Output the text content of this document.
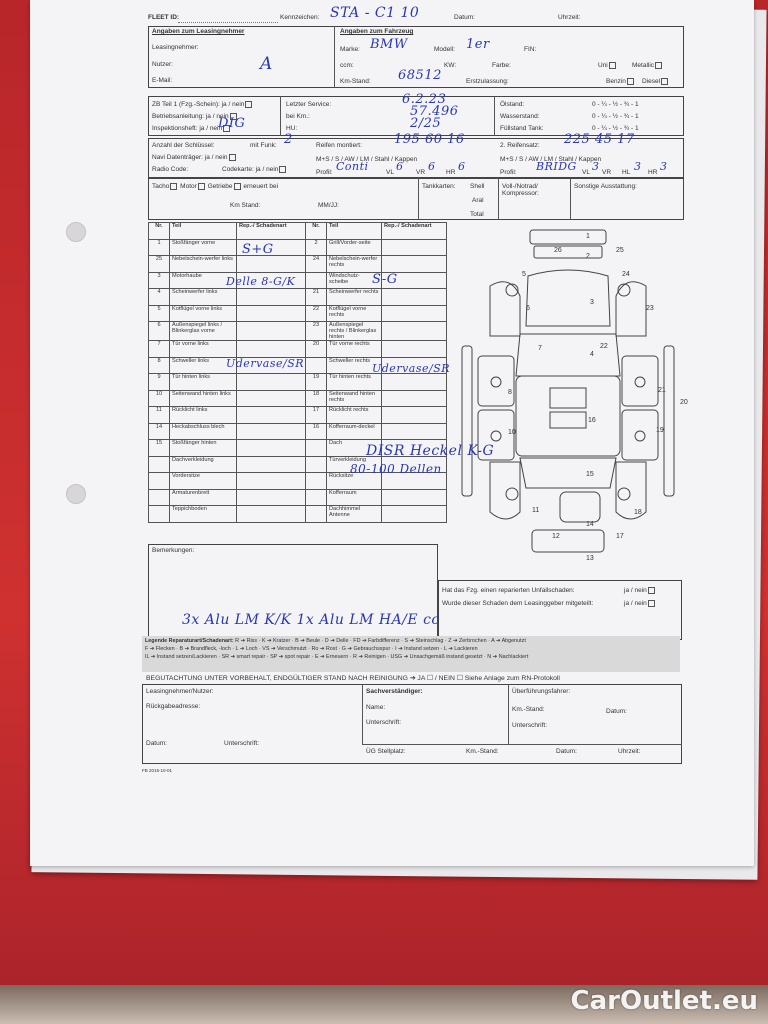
FLEET ID:	Kennzeichen: STA - C1 10	Datum:	Uhrzeit:
Angaben zum Leasingnehmer
Leasingnehmer:
Nutzer:	A
E-Mail:
Angaben zum Fahrzeug
Marke: BMW	Modell: 1er	FIN:
ccm:	KW:	Farbe:	Uni	Metallic
Km-Stand: 68512	Erstzulassung:	Benzin	Diesel
ZB Teil 1 (Fzg.-Schein): ja / nein
Betriebsanleitung: ja / nein
Inspektionsheft: ja / nein
DIG
Letzter Service:	6.2.23
bei Km.:	57.496
HU:	2/25
Ölstand:	0 - ¼ - ½ - ¾ - 1
Wasserstand:	0 - ¼ - ½ - ¾ - 1
Füllstand Tank:	0 - ¼ - ½ - ¾ - 1
Anzahl der Schlüssel:	mit Funk: 2
Navi Datenträger: ja / nein
Radio Code:	Codekarte: ja / nein
Reifen montiert: 195 60 16
M+S / S / AW / LM / Stahl / Kappen
Profil: Conti	VL 6 VR 6 HR 6
2. Reifensatz: 225 45 17
M+S / S / AW / LM / Stahl / Kappen
Profil: BRIDG VL 3 VR HL 3 HR 3
Tacho Motor Getriebe erneuert bei
Km Stand:	MM/JJ:
Tankkarten: Shell
Aral
Total
Voll-/Notrad/ Kompressor:
Sonstige Ausstattung:
Nr.	Teil	Rep.-/ Schadenart	Nr.	Teil	Rep.-/ Schadenart
1	Stoßfänger vorne		2	Grill/Vorder-seite	
25	Nebelschein-werfer links		24	Nebelschein-werfer rechts	
3	Motorhaube			Windschutz-scheibe	
4	Scheinwerfer links		21	Scheinwerfer rechts	
5	Kotflügel vorne links		22	Kotflügel vorne rechts	
6	Außenspiegel links / Blinkerglas vorne		23	Außenspiegel rechts / Blinkerglas hinten	
7	Tür vorne links		20	Tür vorne rechts	
8	Schweller links			Schweller rechts	
9	Tür hinten links		19	Tür hinten rechts	
10	Seitenwand hinten links		18	Seitenwand hinten rechts	
11	Rücklicht links		17	Rücklicht rechts	
14	Heckabschluss blech		16	Kofferraum-deckel	
15	Stoßfänger hinten			Dach	
	Dachverkleidung			Türverkleidung	
	Vordersitze			Rücksitze	
	Armaturenbrett			Kofferraum	
	Teppichboden			Dachhimmel Antenne	
S+G
Delle 8-G/K	S-G
Udervase/SR	Udervase/SR
DISR Heckel K-G
80-100 Dellen
1
2
26	25
3
4
6	23
5	24
7	22
8	21
20
10	19
16
15
11	18
12	17
13
14
Bemerkungen:
Hat das Fzg. einen reparierten Unfallschaden:	ja / nein
Wurde dieser Schaden dem Leasinggeber mitgeteilt:	ja / nein
3x Alu LM K/K 1x Alu LM HA/E cc
Legende Reparaturart/Schadenart: R ➔ Riss · K ➔ Kratzer · B ➔ Beule · D ➔ Delle · FD ➔ Farbdifferenz · S ➔ Steinschlag · Z ➔ Zerbrochen · A ➔ Abgenutzt
F ➔ Flecken · B ➔ Brandfleck, -loch · L ➔ Loch · VS ➔ Verschmutzt · Ro ➔ Rost · G ➔ Gebrauchsspur · I ➔ Instand setzen · L ➔ Lackieren
IL ➔ Instand setzen/Lackieren · SR ➔ smart repair · SP ➔ spot repair · E ➔ Erneuern · R ➔ Reinigen · USG ➔ Unsachgemäß instand gesetzt · N ➔ Nachlackiert
BEGUTACHTUNG UNTER VORBEHALT, ENDGÜLTIGER STAND NACH REINIGUNG ➔ JA ☐ / NEIN ☐ Siehe Anlage zum RN-Protokoll
Leasingnehmer/Nutzer:
Rückgabeadresse:
Datum:	Unterschrift:
Sachverständiger:
Name:
Unterschrift:
Überführungsfahrer:
Km.-Stand:	Datum:
Unterschrift:
ÜG Stellplatz:	Km.-Stand:	Datum:	Uhrzeit:
FB 2015-10-01
CarOutlet.eu
